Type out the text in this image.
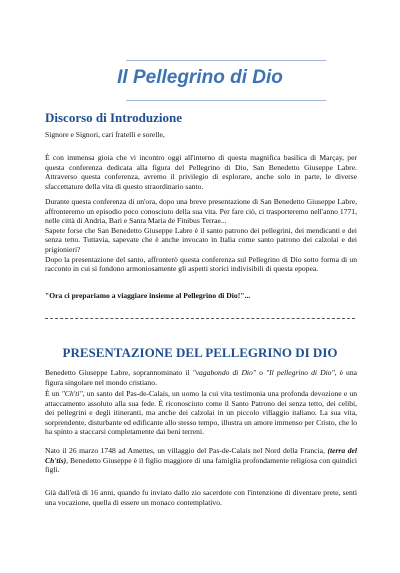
Il Pellegrino di Dio
Discorso di Introduzione

Signore e Signori, cari fratelli e sorelle,

È con immensa gioia che vi incontro oggi all'interno di questa magnifica basilica di Marçay, per questa conferenza dedicata alla figura del Pellegrino di Dio, San Benedetto Giuseppe Labre. Attraverso questa conferenza, avremo il privilegio di esplorare, anche solo in parte, le diverse sfaccettature della vita di questo straordinario santo.

Durante questa conferenza di un'ora, dopo una breve presentazione di San Benedetto Giuseppe Labre, affronteremo un episodio poco conosciuto della sua vita. Per fare ciò, ci trasporteremo nell'anno 1771, nelle città di Andria, Bari e Santa Maria de Finibus Terrae...

Sapete forse che San Benedetto Giuseppe Labre è il santo patrono dei pellegrini, dei mendicanti e dei senza tetto. Tuttavia, sapevate che è anche invocato in Italia come santo patrono dei calzolai e dei prigionieri?

Dopo la presentazione del santo, affronterò questa conferenza sul Pellegrino di Dio sotto forma di un racconto in cui si fondono armoniosamente gli aspetti storici indivisibili di questa epopea.

"Ora ci prepariamo a viaggiare insieme al Pellegrino di Dio!"...

PRESENTAZIONE DEL PELLEGRINO DI DIO

Benedetto Giuseppe Labre, soprannominato il "vagabondo di Dio" o "Il pellegrino di Dio", è una figura singolare nel mondo cristiano.

È un "Ch'ti", un santo del Pas-de-Calais, un uomo la cui vita testimonia una profonda devozione e un attaccamento assoluto alla sua fede. È riconosciuto come il Santo Patrono dei senza tetto, dei celibi, dei pellegrini e degli itineranti, ma anche dei calzolai in un piccolo villaggio italiano. La sua vita, sorprendente, disturbante ed edificante allo stesso tempo, illustra un amore immenso per Cristo, che lo ha spinto a staccarsi completamente dai beni terreni.

Nato il 26 marzo 1748 ad Amettes, un villaggio del Pas-de-Calais nel Nord della Francia, (terra del Ch'tis), Benedetto Giuseppe è il figlio maggiore di una famiglia profondamente religiosa con quindici figli.

Già dall'età di 16 anni, quando fu inviato dallo zio sacerdote con l'intenzione di diventare prete, sentì una vocazione, quella di essere un monaco contemplativo.
